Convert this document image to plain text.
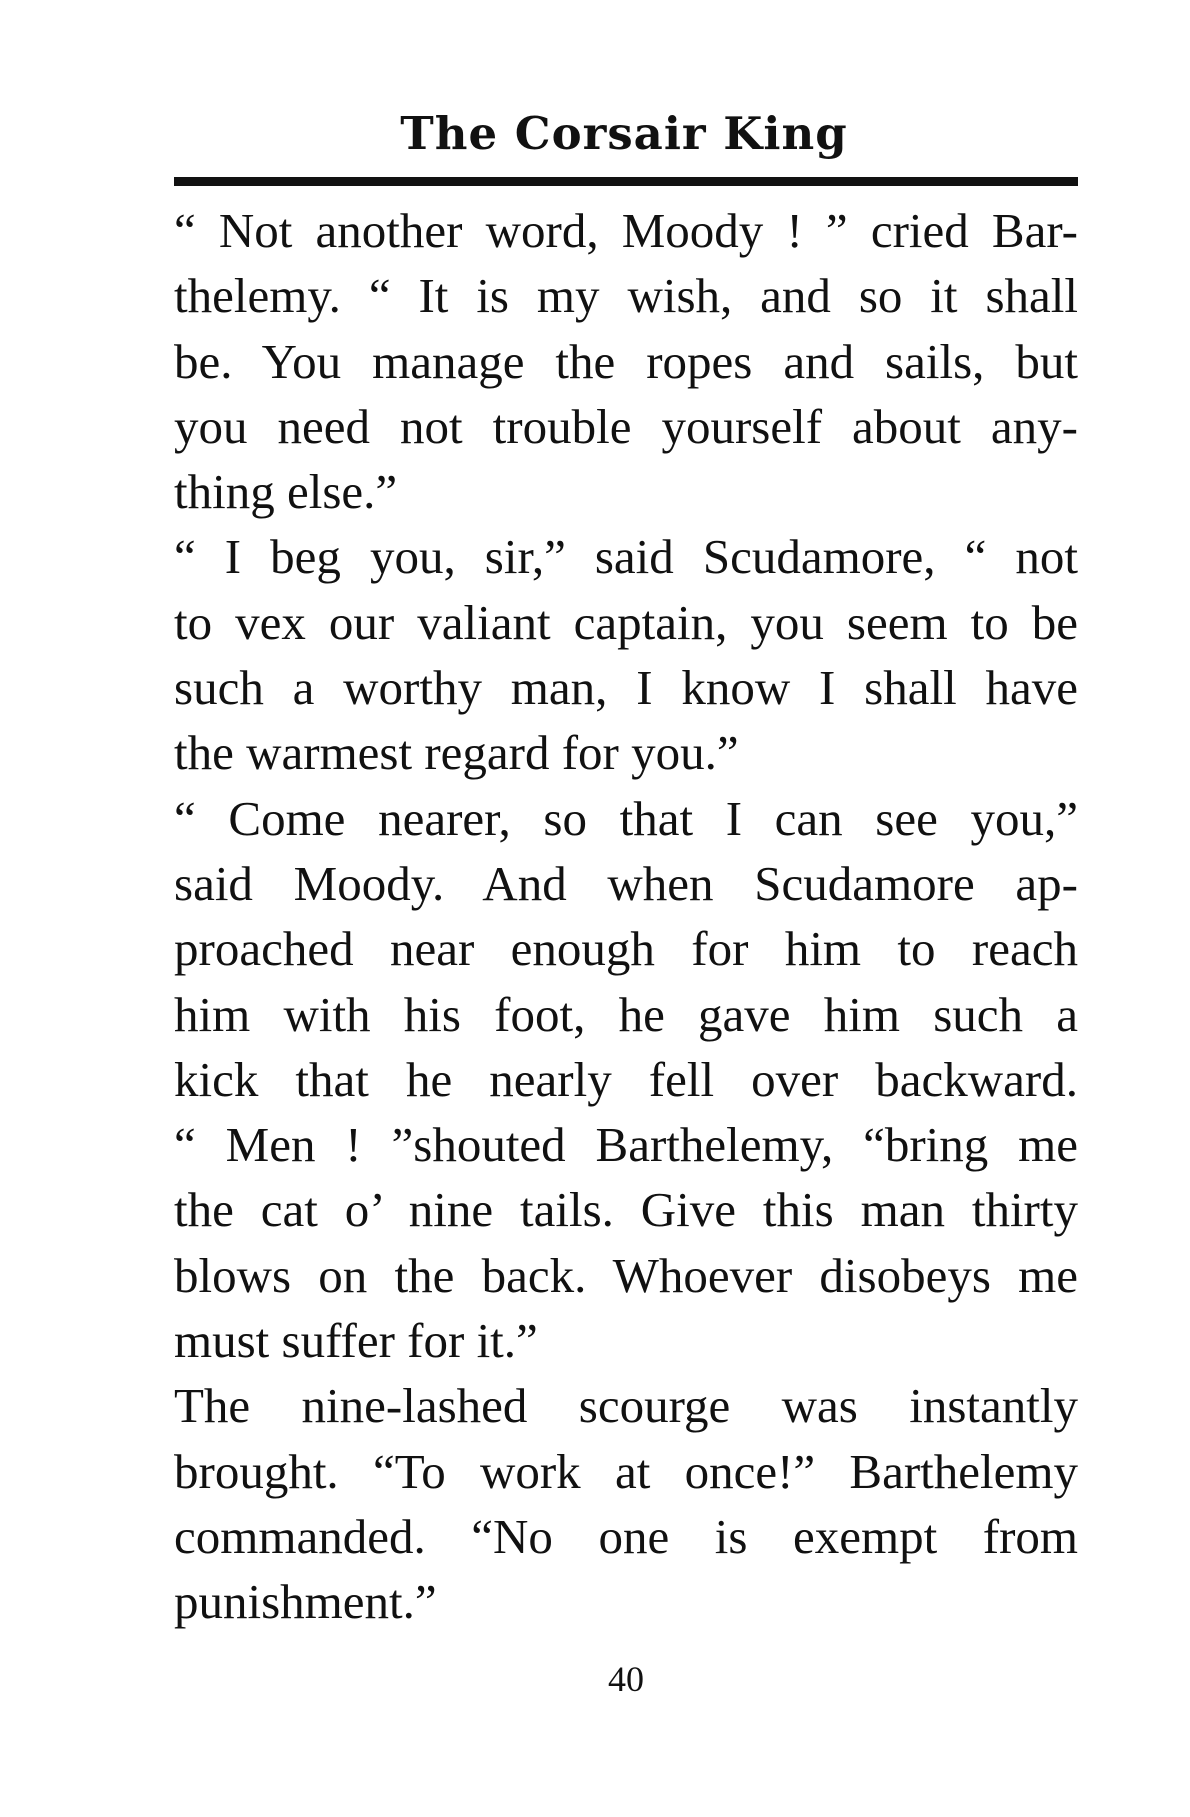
The Corsair King
“ Not another word, Moody ! ” cried Bar-
thelemy. “ It is my wish, and so it shall
be. You manage the ropes and sails, but
you need not trouble yourself about any-
thing else.”
“ I beg you, sir,” said Scudamore, “ not
to vex our valiant captain, you seem to be
such a worthy man, I know I shall have
the warmest regard for you.”
“ Come nearer, so that I can see you,”
said Moody. And when Scudamore ap-
proached near enough for him to reach
him with his foot, he gave him such a
kick that he nearly fell over backward.
“ Men ! ”shouted Barthelemy, “bring me
the cat o’ nine tails. Give this man thirty
blows on the back. Whoever disobeys me
must suffer for it.”
The nine-lashed scourge was instantly
brought. “To work at once!” Barthelemy
commanded. “No one is exempt from
punishment.”
40
